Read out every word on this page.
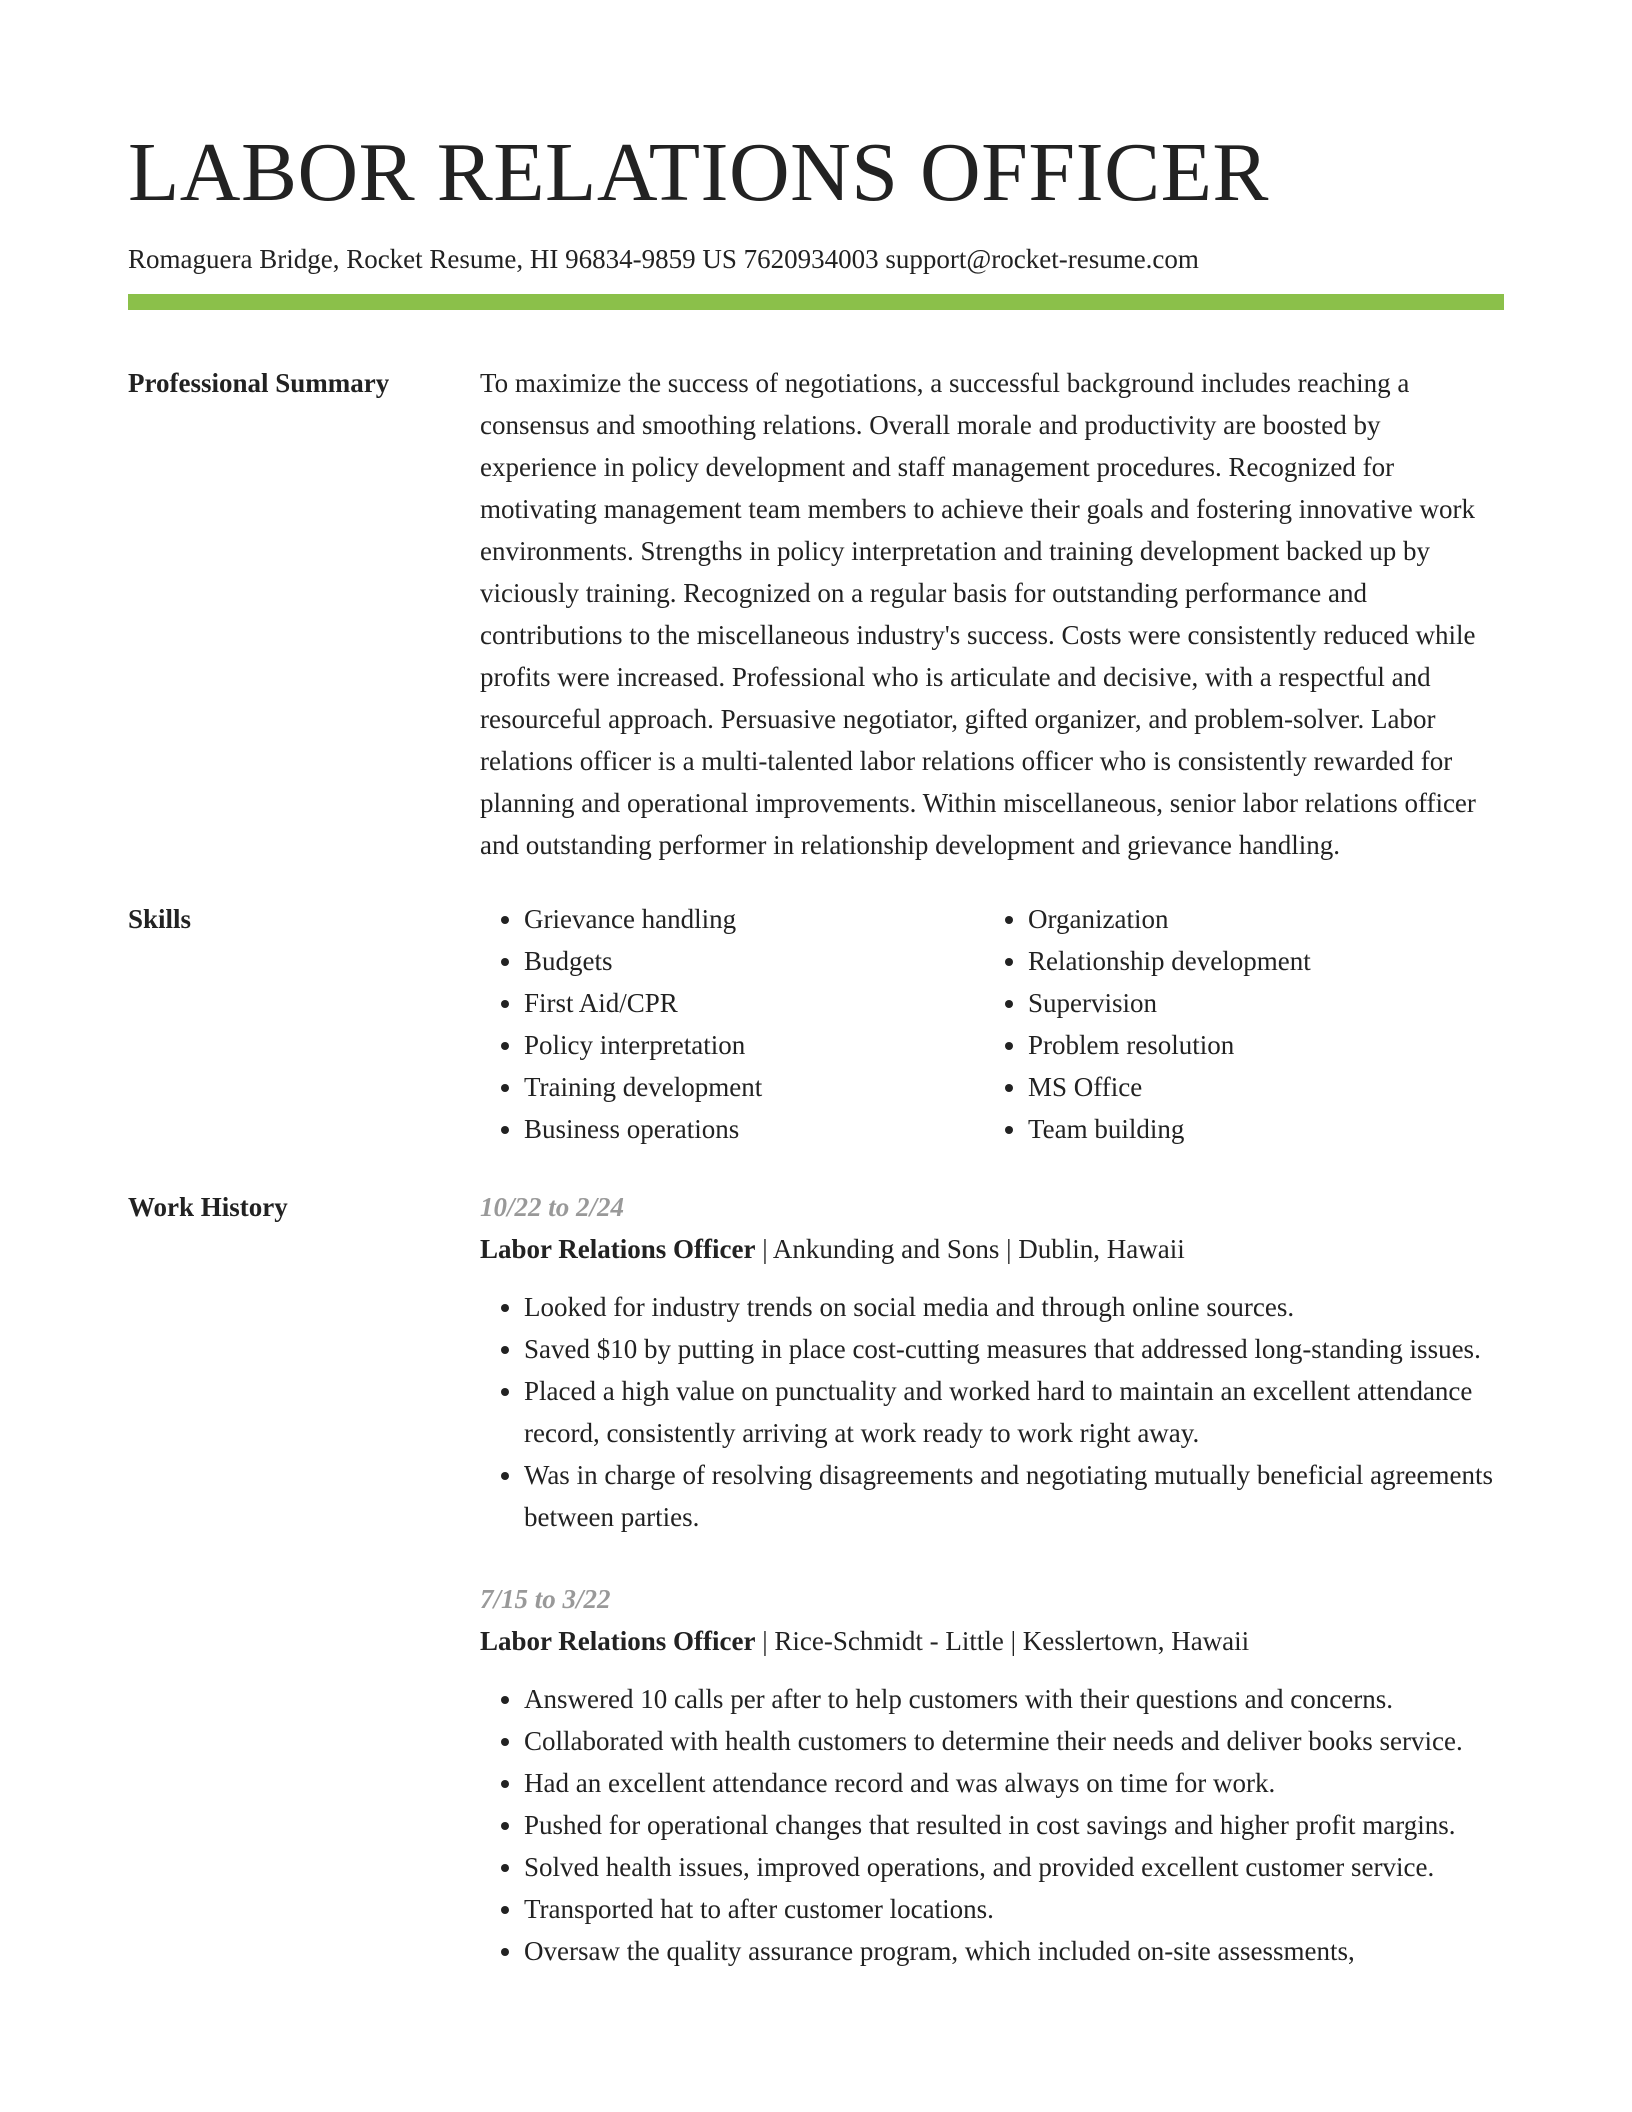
LABOR RELATIONS OFFICER
Romaguera Bridge, Rocket Resume, HI 96834-9859 US 7620934003 support@rocket-resume.com
Professional Summary	To maximize the success of negotiations, a successful background includes reaching a consensus and smoothing relations. Overall morale and productivity are boosted by experience in policy development and staff management procedures. Recognized for motivating management team members to achieve their goals and fostering innovative work environments. Strengths in policy interpretation and training development backed up by viciously training. Recognized on a regular basis for outstanding performance and contributions to the miscellaneous industry's success. Costs were consistently reduced while profits were increased. Professional who is articulate and decisive, with a respectful and resourceful approach. Persuasive negotiator, gifted organizer, and problem-solver. Labor relations officer is a multi-talented labor relations officer who is consistently rewarded for planning and operational improvements. Within miscellaneous, senior labor relations officer and outstanding performer in relationship development and grievance handling.

Skills
•	Grievance handling
• Budgets
• First Aid/CPR
• Policy interpretation
• Training development
• Business operations
• Organization
• Relationship development
• Supervision
• Problem resolution
• MS Office
• Team building
Work History	10/22 to 2/24
Labor Relations Officer | Ankunding and Sons | Dublin, Hawaii
• Looked for industry trends on social media and through online sources.
• Saved $10 by putting in place cost-cutting measures that addressed long-standing issues.
• Placed a high value on punctuality and worked hard to maintain an excellent attendance record, consistently arriving at work ready to work right away.
• Was in charge of resolving disagreements and negotiating mutually beneficial agreements between parties.
7/15 to 3/22
Labor Relations Officer | Rice-Schmidt - Little | Kesslertown, Hawaii
• Answered 10 calls per after to help customers with their questions and concerns.
• Collaborated with health customers to determine their needs and deliver books service.
• Had an excellent attendance record and was always on time for work.
• Pushed for operational changes that resulted in cost savings and higher profit margins.
• Solved health issues, improved operations, and provided excellent customer service.
• Transported hat to after customer locations.
• Oversaw the quality assurance program, which included on-site assessments,
